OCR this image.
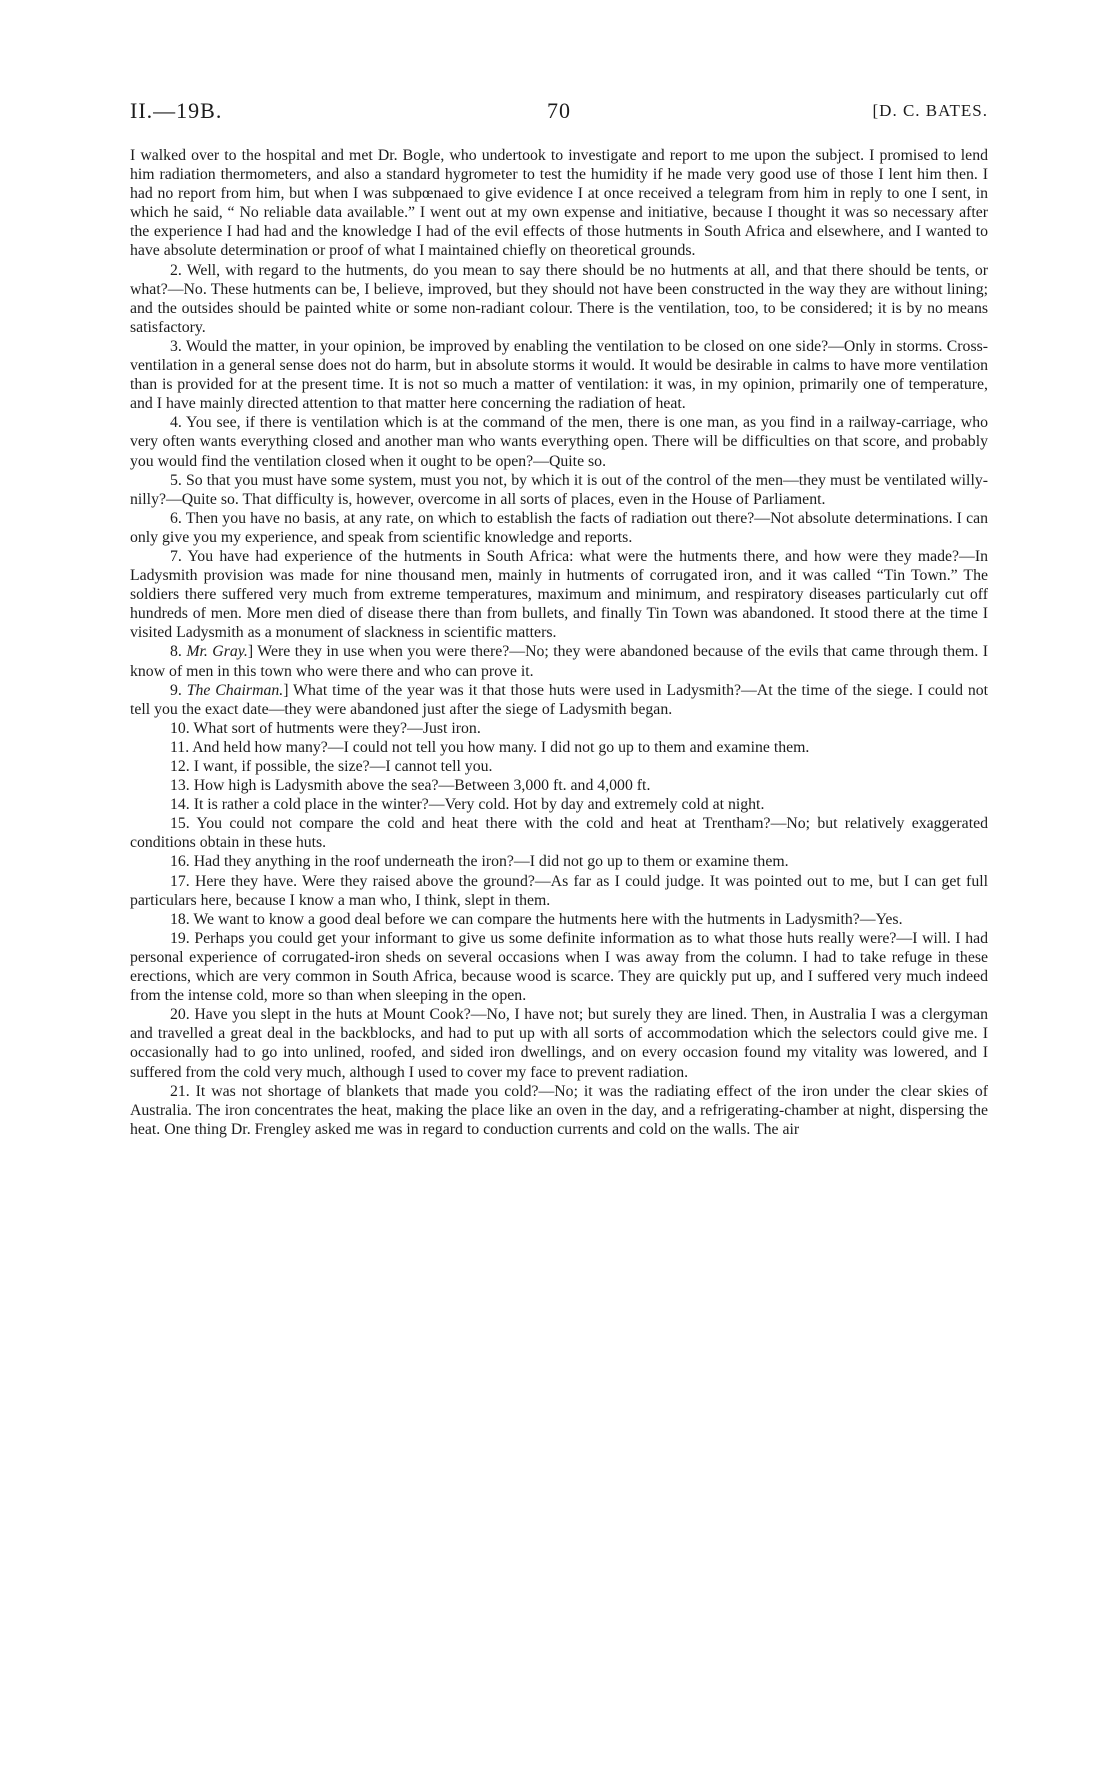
II.—19B.	70	[D. C. BATES.

I walked over to the hospital and met Dr. Bogle, who undertook to investigate and report to me upon the subject. I promised to lend him radiation thermometers, and also a standard hygrometer to test the humidity if he made very good use of those I lent him then. I had no report from him, but when I was subpœnaed to give evidence I at once received a telegram from him in reply to one I sent, in which he said, “ No reliable data available.” I went out at my own expense and initiative, because I thought it was so necessary after the experience I had had and the knowledge I had of the evil effects of those hutments in South Africa and elsewhere, and I wanted to have absolute determination or proof of what I maintained chiefly on theoretical grounds.

2. Well, with regard to the hutments, do you mean to say there should be no hutments at all, and that there should be tents, or what?—No. These hutments can be, I believe, improved, but they should not have been constructed in the way they are without lining; and the outsides should be painted white or some non-radiant colour. There is the ventilation, too, to be considered; it is by no means satisfactory.

3. Would the matter, in your opinion, be improved by enabling the ventilation to be closed on one side?—Only in storms. Cross-ventilation in a general sense does not do harm, but in absolute storms it would. It would be desirable in calms to have more ventilation than is provided for at the present time. It is not so much a matter of ventilation: it was, in my opinion, primarily one of temperature, and I have mainly directed attention to that matter here concerning the radiation of heat.

4. You see, if there is ventilation which is at the command of the men, there is one man, as you find in a railway-carriage, who very often wants everything closed and another man who wants everything open. There will be difficulties on that score, and probably you would find the ventilation closed when it ought to be open?—Quite so.

5. So that you must have some system, must you not, by which it is out of the control of the men—they must be ventilated willy-nilly?—Quite so. That difficulty is, however, overcome in all sorts of places, even in the House of Parliament.

6. Then you have no basis, at any rate, on which to establish the facts of radiation out there?—Not absolute determinations. I can only give you my experience, and speak from scientific knowledge and reports.

7. You have had experience of the hutments in South Africa: what were the hutments there, and how were they made?—In Ladysmith provision was made for nine thousand men, mainly in hutments of corrugated iron, and it was called “Tin Town.” The soldiers there suffered very much from extreme temperatures, maximum and minimum, and respiratory diseases particularly cut off hundreds of men. More men died of disease there than from bullets, and finally Tin Town was abandoned. It stood there at the time I visited Ladysmith as a monument of slackness in scientific matters.

8. Mr. Gray.] Were they in use when you were there?—No; they were abandoned because of the evils that came through them. I know of men in this town who were there and who can prove it.

9. The Chairman.] What time of the year was it that those huts were used in Ladysmith?—At the time of the siege. I could not tell you the exact date—they were abandoned just after the siege of Ladysmith began.

10. What sort of hutments were they?—Just iron.

11. And held how many?—I could not tell you how many. I did not go up to them and examine them.

12. I want, if possible, the size?—I cannot tell you.

13. How high is Ladysmith above the sea?—Between 3,000 ft. and 4,000 ft.

14. It is rather a cold place in the winter?—Very cold. Hot by day and extremely cold at night.

15. You could not compare the cold and heat there with the cold and heat at Trentham?—No; but relatively exaggerated conditions obtain in these huts.

16. Had they anything in the roof underneath the iron?—I did not go up to them or examine them.

17. Here they have. Were they raised above the ground?—As far as I could judge. It was pointed out to me, but I can get full particulars here, because I know a man who, I think, slept in them.

18. We want to know a good deal before we can compare the hutments here with the hutments in Ladysmith?—Yes.

19. Perhaps you could get your informant to give us some definite information as to what those huts really were?—I will. I had personal experience of corrugated-iron sheds on several occasions when I was away from the column. I had to take refuge in these erections, which are very common in South Africa, because wood is scarce. They are quickly put up, and I suffered very much indeed from the intense cold, more so than when sleeping in the open.

20. Have you slept in the huts at Mount Cook?—No, I have not; but surely they are lined. Then, in Australia I was a clergyman and travelled a great deal in the backblocks, and had to put up with all sorts of accommodation which the selectors could give me. I occasionally had to go into unlined, roofed, and sided iron dwellings, and on every occasion found my vitality was lowered, and I suffered from the cold very much, although I used to cover my face to prevent radiation.

21. It was not shortage of blankets that made you cold?—No; it was the radiating effect of the iron under the clear skies of Australia. The iron concentrates the heat, making the place like an oven in the day, and a refrigerating-chamber at night, dispersing the heat. One thing Dr. Frengley asked me was in regard to conduction currents and cold on the walls. The air
